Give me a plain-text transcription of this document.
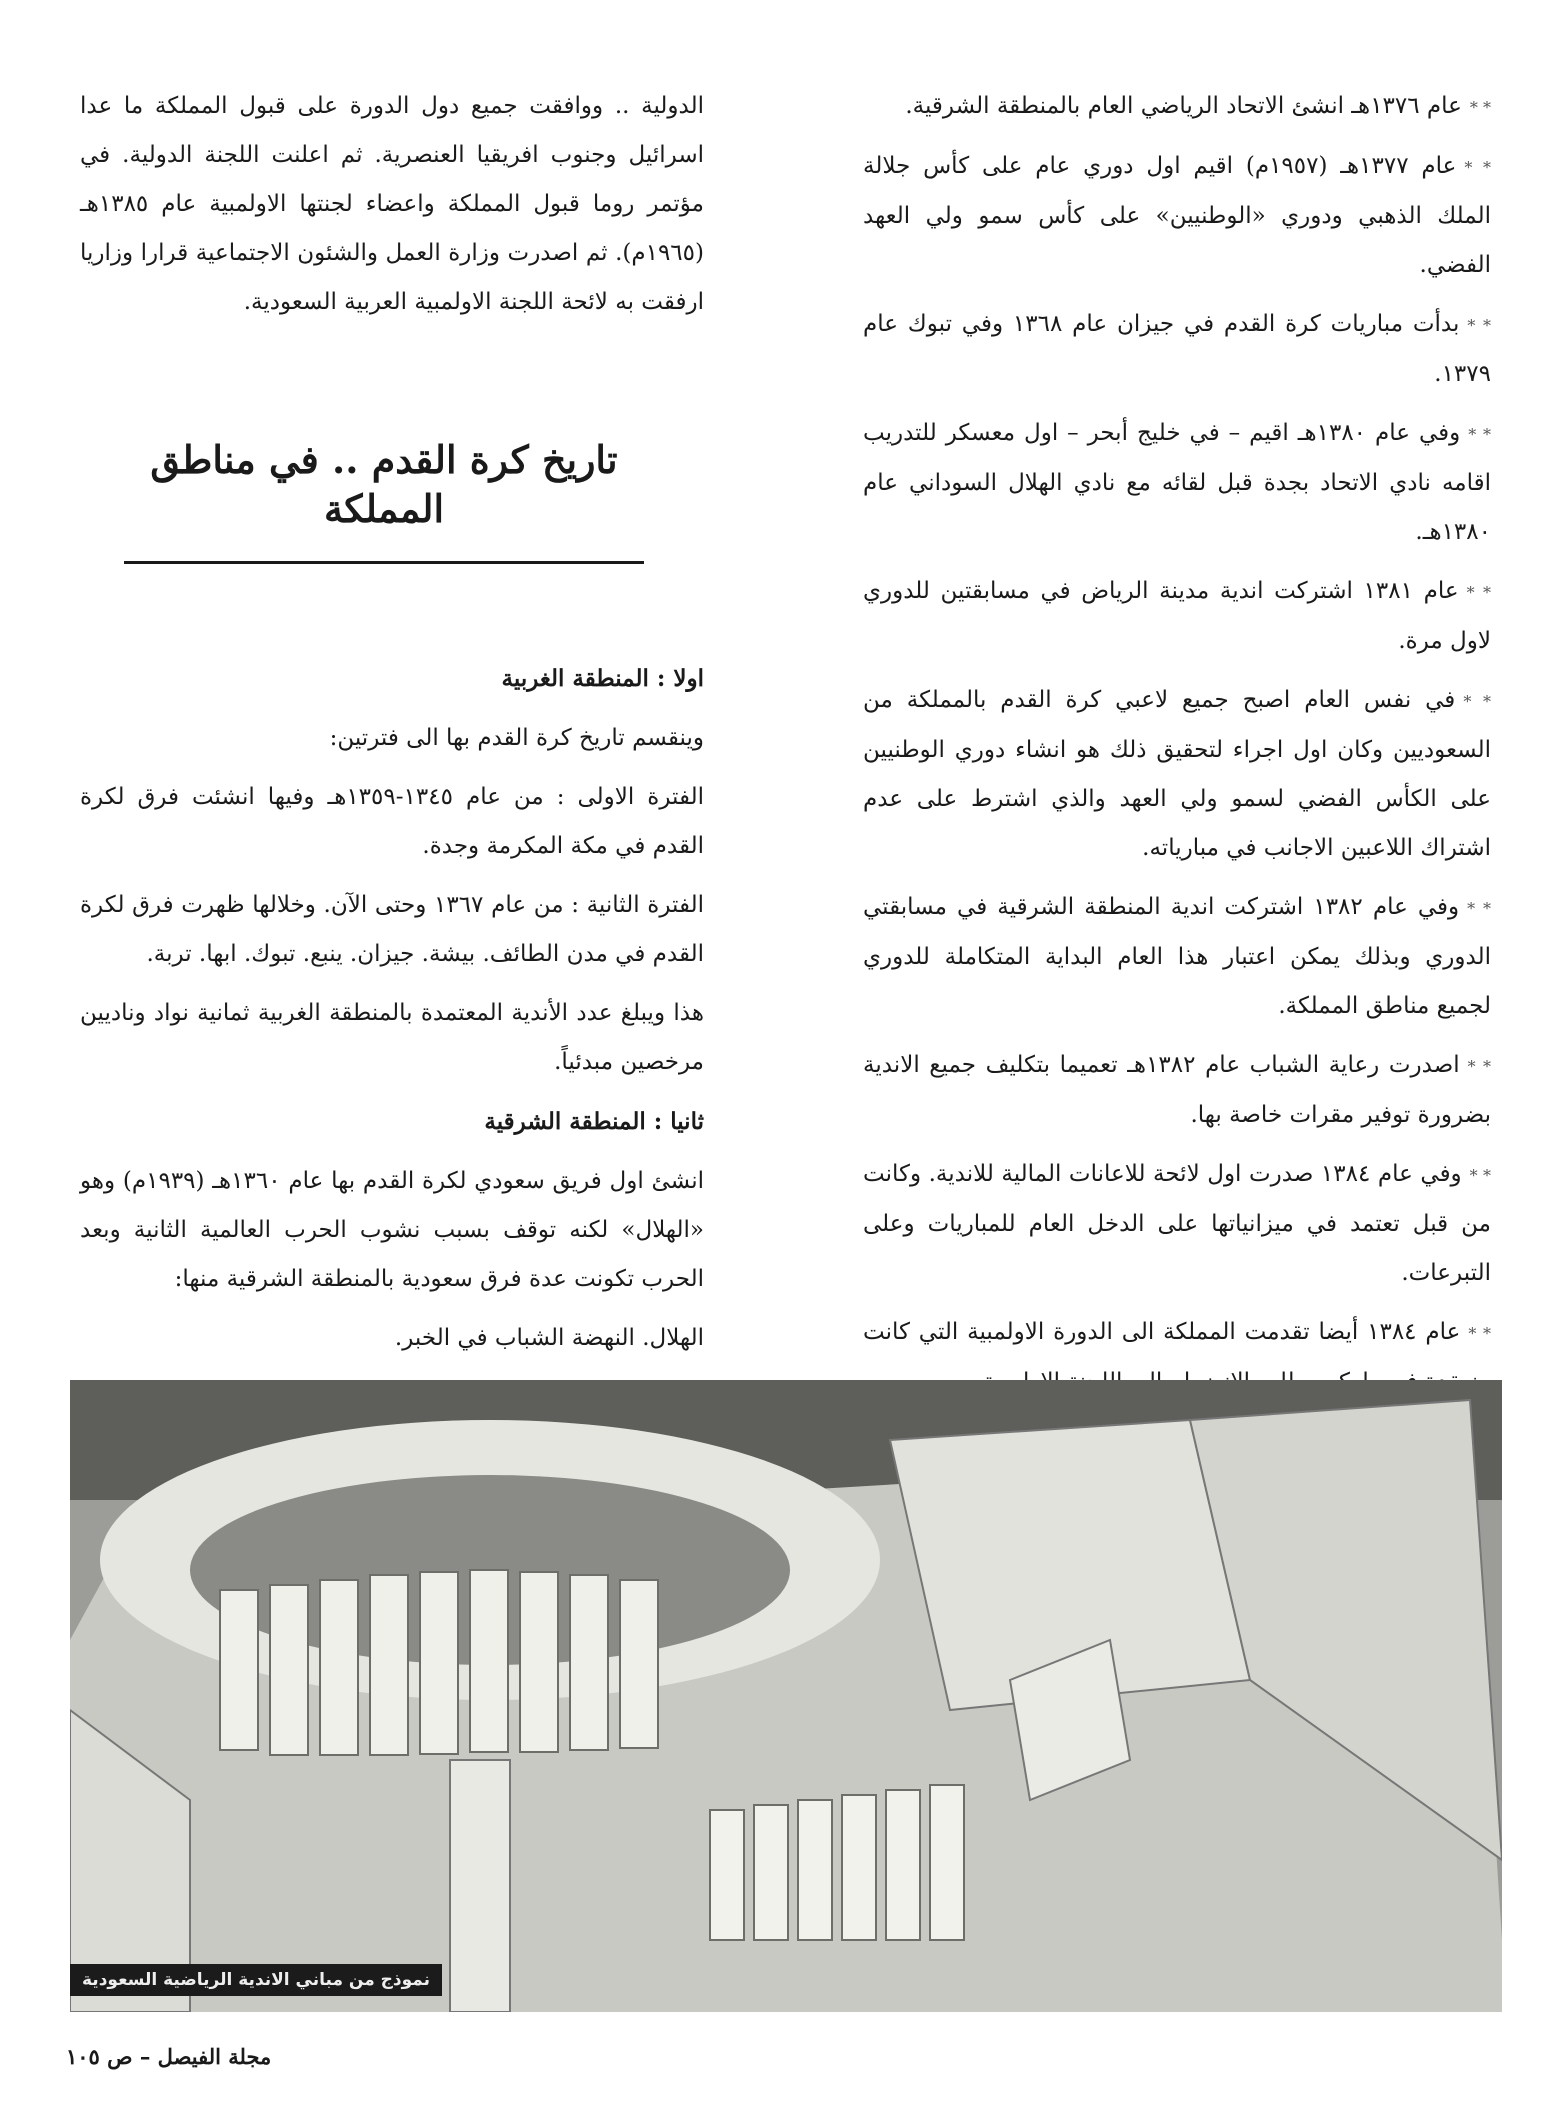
* *عام ١٣٧٦هـ انشئ الاتحاد الرياضي العام بالمنطقة الشرقية.

* *عام ١٣٧٧هـ (١٩٥٧م) اقيم اول دوري عام على كأس جلالة الملك الذهبي ودوري «الوطنيين» على كأس سمو ولي العهد الفضي.

* *بدأت مباريات كرة القدم في جيزان عام ١٣٦٨ وفي تبوك عام ١٣٧٩.

* *وفي عام ١٣٨٠هـ اقيم – في خليج أبحر – اول معسكر للتدريب اقامه نادي الاتحاد بجدة قبل لقائه مع نادي الهلال السوداني عام ١٣٨٠هـ.

* *عام ١٣٨١ اشتركت اندية مدينة الرياض في مسابقتين للدوري لاول مرة.

* *في نفس العام اصبح جميع لاعبي كرة القدم بالمملكة من السعوديين وكان اول اجراء لتحقيق ذلك هو انشاء دوري الوطنيين على الكأس الفضي لسمو ولي العهد والذي اشترط على عدم اشتراك اللاعبين الاجانب في مبارياته.

* *وفي عام ١٣٨٢ اشتركت اندية المنطقة الشرقية في مسابقتي الدوري وبذلك يمكن اعتبار هذا العام البداية المتكاملة للدوري لجميع مناطق المملكة.

* *اصدرت رعاية الشباب عام ١٣٨٢هـ تعميما بتكليف جميع الاندية بضرورة توفير مقرات خاصة بها.

* *وفي عام ١٣٨٤ صدرت اول لائحة للاعانات المالية للاندية. وكانت من قبل تعتمد في ميزانياتها على الدخل العام للمباريات وعلى التبرعات.

* *عام ١٣٨٤ أيضا تقدمت المملكة الى الدورة الاولمبية التي كانت

الدولية .. ووافقت جميع دول الدورة على قبول المملكة ما عدا اسرائيل وجنوب افريقيا العنصرية. ثم اعلنت اللجنة الدولية. في مؤتمر روما قبول المملكة واعضاء لجنتها الاولمبية عام ١٣٨٥هـ (١٩٦٥م). ثم اصدرت وزارة العمل والشئون الاجتماعية قرارا وزاريا ارفقت به لائحة اللجنة الاولمبية العربية السعودية.

تاريخ كرة القدم .. في مناطق المملكة

اولا : المنطقة الغربية

وينقسم تاريخ كرة القدم بها الى فترتين:

الفترة الاولى : من عام ١٣٤٥-١٣٥٩هـ وفيها انشئت فرق لكرة القدم في مكة المكرمة وجدة.

الفترة الثانية : من عام ١٣٦٧ وحتى الآن. وخلالها ظهرت فرق لكرة القدم في مدن الطائف. بيشة. جيزان. ينبع. تبوك. ابها. تربة.

هذا ويبلغ عدد الأندية المعتمدة بالمنطقة الغربية ثمانية نواد وناديين مرخصين مبدئياً.

ثانيا : المنطقة الشرقية

انشئ اول فريق سعودي لكرة القدم بها عام ١٣٦٠هـ (١٩٣٩م) وهو «الهلال» لكنه توقف بسبب نشوب الحرب العالمية الثانية وبعد الحرب تكونت عدة فرق سعودية بالمنطقة الشرقية منها:

الهلال. النهضة الشباب في الخبر.

نموذج من مباني الاندية الرياضية السعودية
مجلة الفيصل – ص ١٠٥
